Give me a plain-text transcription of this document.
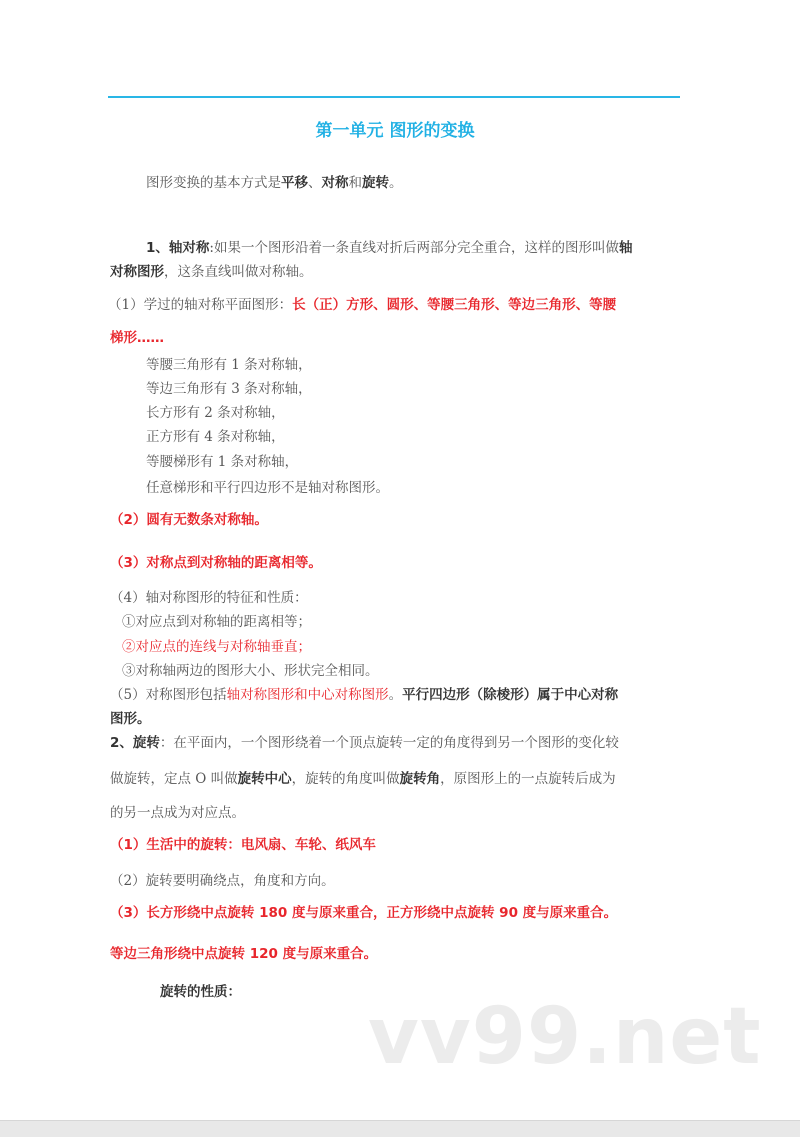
第一单元 图形的变换
图形变换的基本方式是平移、对称和旋转。
1、轴对称:如果一个图形沿着一条直线对折后两部分完全重合，这样的图形叫做轴
对称图形，这条直线叫做对称轴。
（1）学过的轴对称平面图形：长（正）方形、圆形、等腰三角形、等边三角形、等腰
梯形……
等腰三角形有 1 条对称轴，
等边三角形有 3 条对称轴，
长方形有 2 条对称轴，
正方形有 4 条对称轴，
等腰梯形有 1 条对称轴，
任意梯形和平行四边形不是轴对称图形。
（2）圆有无数条对称轴。
（3）对称点到对称轴的距离相等。
（4）轴对称图形的特征和性质：
①对应点到对称轴的距离相等；
②对应点的连线与对称轴垂直；
③对称轴两边的图形大小、形状完全相同。
（5）对称图形包括轴对称图形和中心对称图形。平行四边形（除棱形）属于中心对称
图形。
2、旋转：在平面内，一个图形绕着一个顶点旋转一定的角度得到另一个图形的变化较
做旋转，定点 O 叫做旋转中心，旋转的角度叫做旋转角，原图形上的一点旋转后成为
的另一点成为对应点。
（1）生活中的旋转：电风扇、车轮、纸风车
（2）旋转要明确绕点，角度和方向。
（3）长方形绕中点旋转 180 度与原来重合，正方形绕中点旋转 90 度与原来重合。
等边三角形绕中点旋转 120 度与原来重合。
旋转的性质： vv99.net
